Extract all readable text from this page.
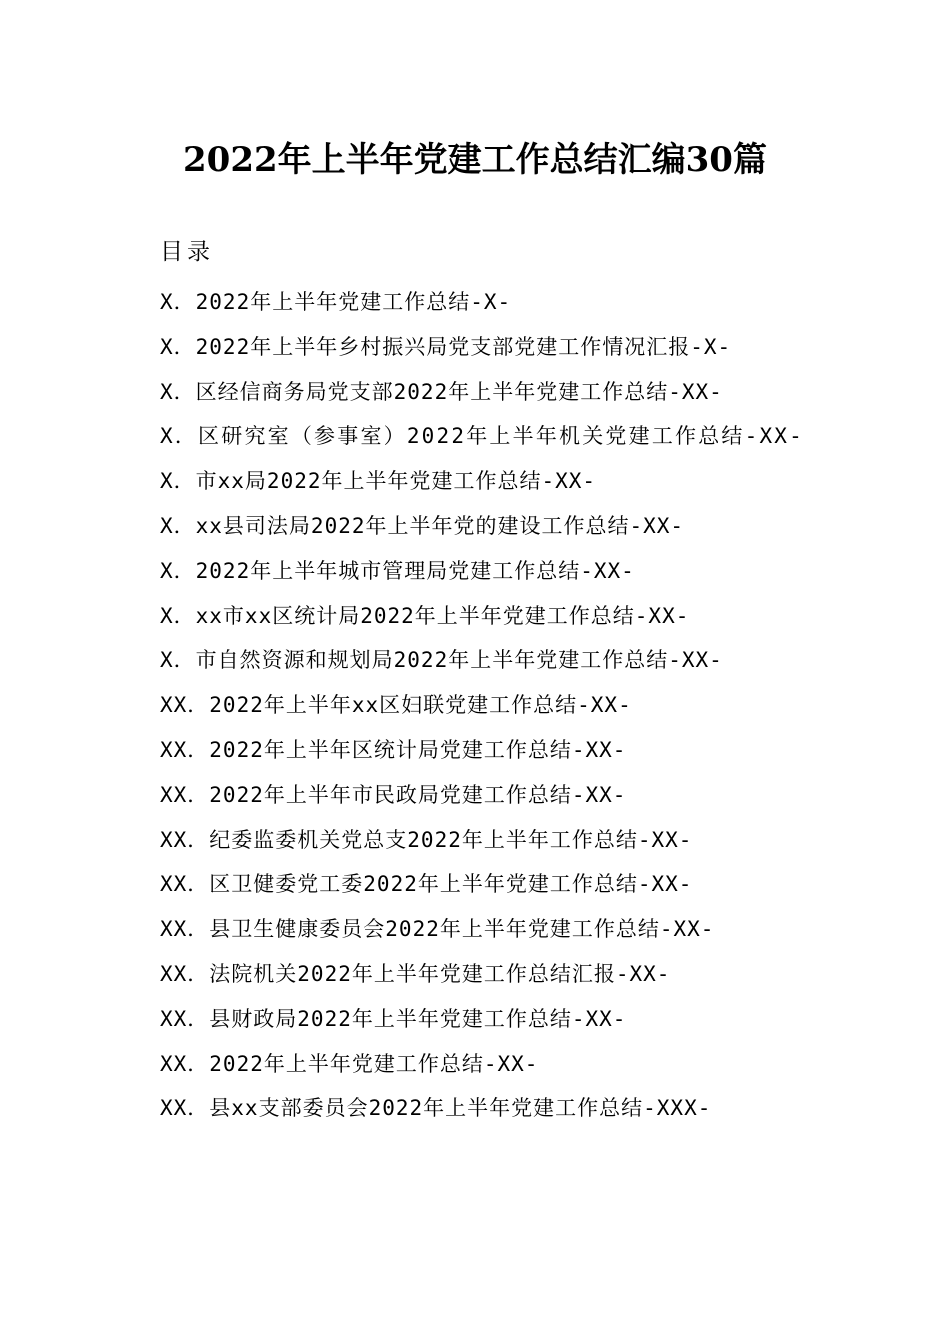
2022年上半年党建工作总结汇编30篇
目录
X．2022年上半年党建工作总结-X-
X．2022年上半年乡村振兴局党支部党建工作情况汇报-X-
X．区经信商务局党支部2022年上半年党建工作总结-XX-
X．区研究室（参事室）2022年上半年机关党建工作总结-XX-
X．市xx局2022年上半年党建工作总结-XX-
X．xx县司法局2022年上半年党的建设工作总结-XX-
X．2022年上半年城市管理局党建工作总结-XX-
X．xx市xx区统计局2022年上半年党建工作总结-XX-
X．市自然资源和规划局2022年上半年党建工作总结-XX-
XX．2022年上半年xx区妇联党建工作总结-XX-
XX．2022年上半年区统计局党建工作总结-XX-
XX．2022年上半年市民政局党建工作总结-XX-
XX．纪委监委机关党总支2022年上半年工作总结-XX-
XX．区卫健委党工委2022年上半年党建工作总结-XX-
XX．县卫生健康委员会2022年上半年党建工作总结-XX-
XX．法院机关2022年上半年党建工作总结汇报-XX-
XX．县财政局2022年上半年党建工作总结-XX-
XX．2022年上半年党建工作总结-XX-
XX．县xx支部委员会2022年上半年党建工作总结-XXX-
